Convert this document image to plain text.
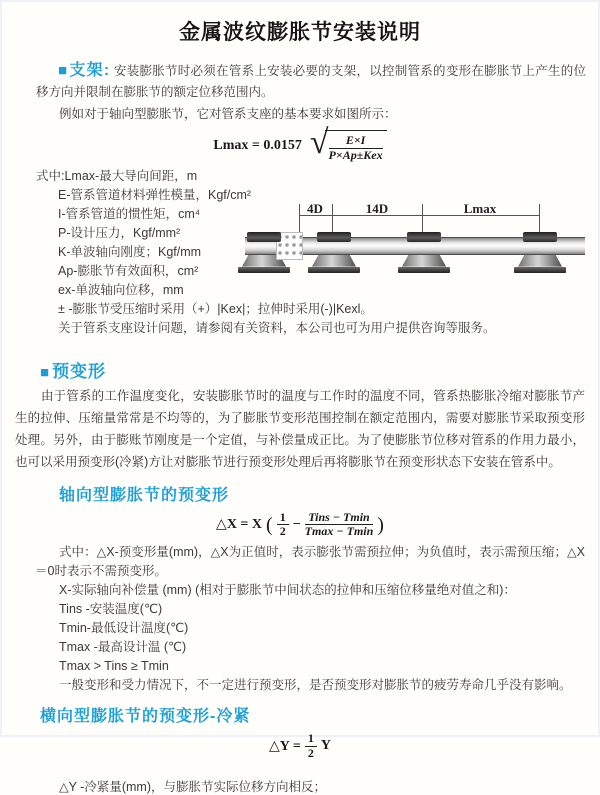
金属波纹膨胀节安装说明

■ 支架: 安装膨胀节时必须在管系上安装必要的支架，以控制管系的变形在膨胀节上产生的位移方向并限制在膨胀节的额定位移范围内。

例如对于轴向型膨胀节，它对管系支座的基本要求如图所示：

Lmax = 0.0157 √ $\frac{E\times I}{\text{P×Ap±Kex}}$
式中:Lmax-最大导向间距，m
E-管系管道材料弹性模量，Kgf/cm²
I-管系管道的惯性矩，cm⁴
P-设计压力，Kgf/mm²
K-单波轴向刚度；Kgf/mm
Ap-膨胀节有效面积，cm²
ex-单波轴向位移，mm
± -膨胀节受压缩时采用（+）|Kex|；拉伸时采用(-)|Kexl。
关于管系支座设计问题，请参阅有关资料，本公司也可为用户提供咨询等服务。
4D	14D	Lmax
■ 预变形

由于管系的工作温度变化，安装膨胀节时的温度与工作时的温度不同，管系热膨胀冷缩对膨胀节产生的拉伸、压缩量常常是不均等的，为了膨胀节变形范围控制在额定范围内，需要对膨胀节采取预变形处理。另外，由于膨账节刚度是一个定值，与补偿量成正比。为了使膨胀节位移对管系的作用力最小，也可以采用预变形(冷紧)方让对膨胀节进行预变形处理后再将膨胀节在预变形状态下安装在管系中。

轴向型膨胀节的预变形
△X = X ( $\frac{1}{2} - \frac{\text{Tins − Tmin}}{Tmax - Tmin}$ )

式中：△X-预变形量(mm)，△X为正值时，表示膨张节需预拉伸；为负值时，表示需预压缩；△X＝0时表示不需预变形。

X-实际轴向补偿量 (mm) (相对于膨胀节中间状态的拉伸和压缩位移量绝对值之和)：

Tins -安装温度(℃)

Tmin-最低设计温度(℃)

Tmax -最高设计温 (℃)

Tmax > Tins ≥ Tmin

一般变形和受力情况下，不一定进行预变形，是否预变形对膨胀节的疲劳寿命几乎没有影响。

横向型膨胀节的预变形-冷紧
△Y = $\frac{1}{2}$ Y

△Y -冷紧量(mm)，与膨胀节实际位移方向相反；
